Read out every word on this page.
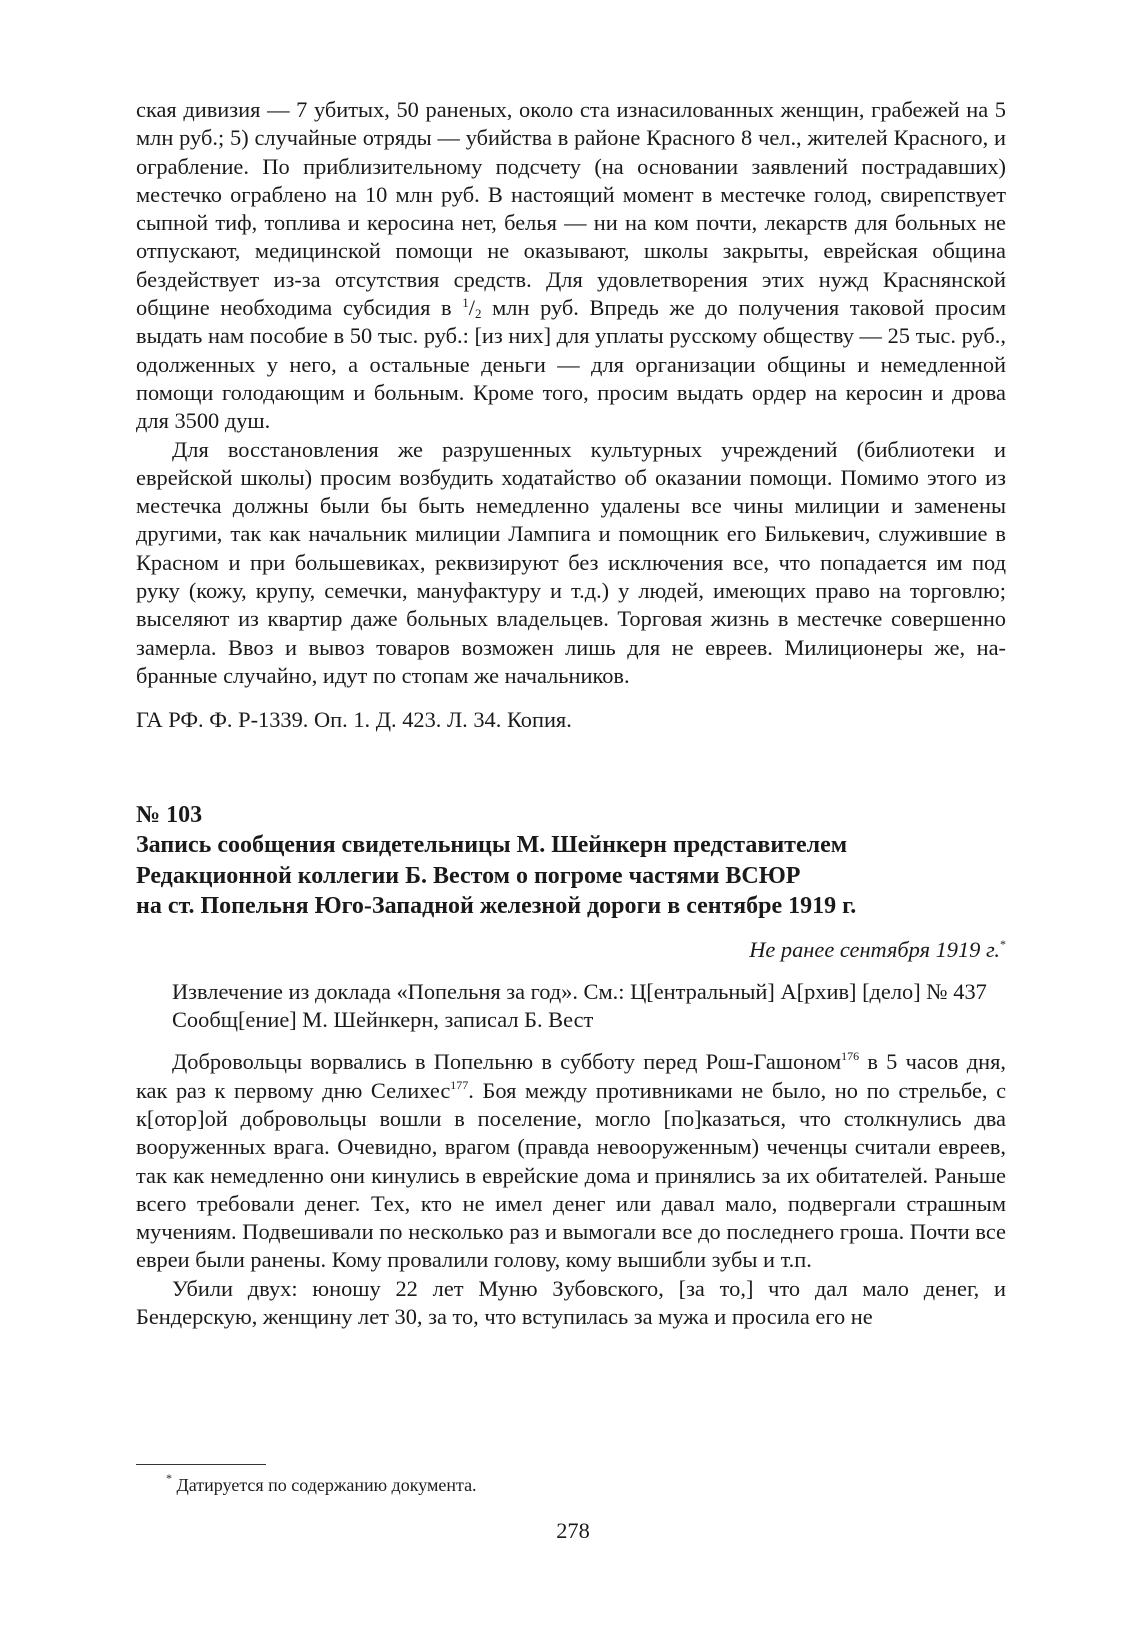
ская дивизия — 7 убитых, 50 раненых, около ста изнасилованных женщин, грабежей на 5 млн руб.; 5) случайные отряды — убийства в районе Красного 8 чел., жителей Красного, и ограбление. По приблизительному подсчету (на основании заявлений пострадавших) местечко ограблено на 10 млн руб. В настоящий момент в местечке голод, свирепствует сыпной тиф, топлива и керосина нет, белья — ни на ком почти, лекарств для больных не отпускают, медицинской помощи не оказывают, школы закрыты, еврейская община бездействует из-за отсутствия средств. Для удовлетворения этих нужд Краснянской общине необходима субсидия в $^1/_2$ млн руб. Впредь же до получения таковой просим выдать нам пособие в 50 тыс. руб.: [из них] для уплаты русскому обществу — 25 тыс. руб., одолженных у него, а остальные деньги — для организации общины и немедленной помощи голодающим и больным. Кроме того, просим выдать ордер на керосин и дрова для 3500 душ.

Для восстановления же разрушенных культурных учреждений (библиотеки и еврейской школы) просим возбудить ходатайство об оказании помощи. Помимо этого из местечка должны были бы быть немедленно удалены все чины милиции и заменены другими, так как начальник милиции Лампига и помощник его Билькевич, служившие в Красном и при большевиках, реквизируют без исключения все, что попадается им под руку (кожу, крупу, семечки, мануфактуру и т.д.) у людей, имеющих право на торговлю; выселяют из квартир даже больных владельцев. Торговая жизнь в местечке совершенно замерла. Ввоз и вывоз товаров возможен лишь для не евреев. Милиционеры же, набранные случайно, идут по стопам же начальников.

ГА РФ. Ф. Р-1339. Оп. 1. Д. 423. Л. 34. Копия.

№ 103
Запись сообщения свидетельницы М. Шейнкерн представителем
Редакционной коллегии Б. Вестом о погроме частями ВСЮР
на ст. Попельня Юго-Западной железной дороги в сентябре 1919 г.
Не ранее сентября 1919 г.*

Извлечение из доклада «Попельня за год». См.: Ц[ентральный] А[рхив] [дело] № 437

Сообщ[ение] М. Шейнкерн, записал Б. Вест

Добровольцы ворвались в Попельню в субботу перед Рош-Гашоном$^{176}$ в 5 часов дня, как раз к первому дню Селихес$^{177}$. Боя между противниками не было, но по стрельбе, с к[отор]ой добровольцы вошли в поселение, могло [по]казаться, что столкнулись два вооруженных врага. Очевидно, врагом (правда невооруженным) чеченцы считали евреев, так как немедленно они кинулись в еврейские дома и принялись за их обитателей. Раньше всего требовали денег. Тех, кто не имел денег или давал мало, подвергали страшным мучениям. Подвешивали по несколько раз и вымогали все до последнего гроша. Почти все евреи были ранены. Кому провалили голову, кому вышибли зубы и т.п.

Убили двух: юношу 22 лет Муню Зубовского, [за то,] что дал мало денег, и Бендерскую, женщину лет 30, за то, что вступилась за мужа и просила его не

* Датируется по содержанию документа.
278
